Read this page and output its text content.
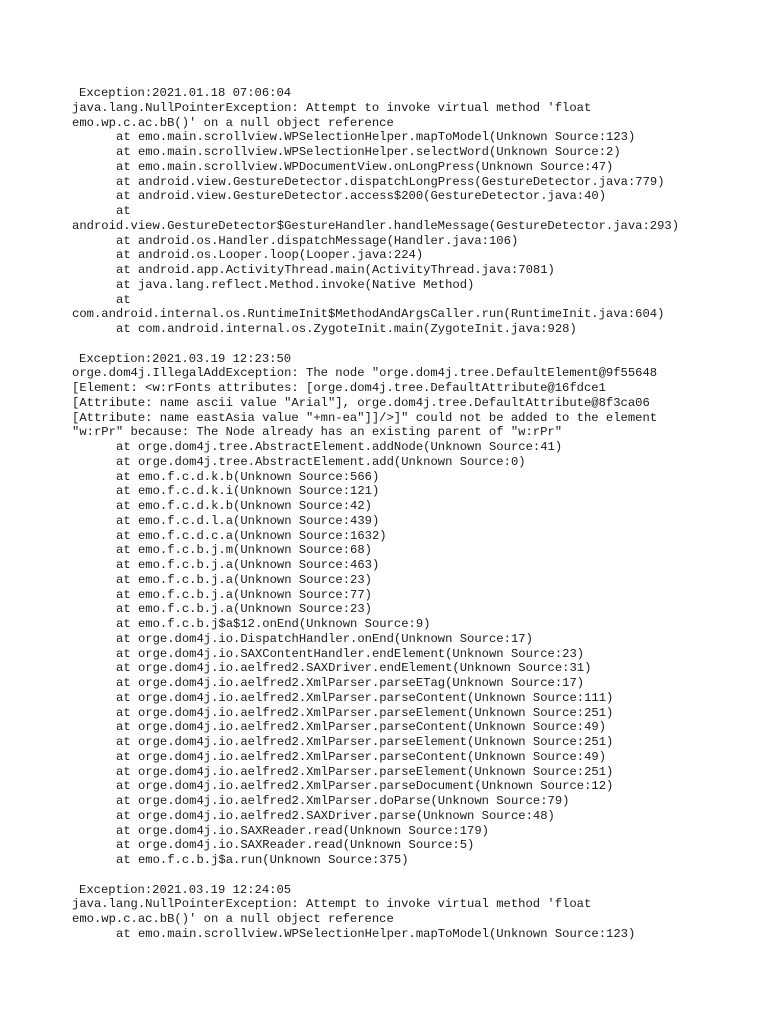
Exception:2021.01.18 07:06:04
java.lang.NullPointerException: Attempt to invoke virtual method 'float
emo.wp.c.ac.bB()' on a null object reference
at emo.main.scrollview.WPSelectionHelper.mapToModel(Unknown Source:123)
at emo.main.scrollview.WPSelectionHelper.selectWord(Unknown Source:2)
at emo.main.scrollview.WPDocumentView.onLongPress(Unknown Source:47)
at android.view.GestureDetector.dispatchLongPress(GestureDetector.java:779)
at android.view.GestureDetector.access$200(GestureDetector.java:40)
at
android.view.GestureDetector$GestureHandler.handleMessage(GestureDetector.java:293)
at android.os.Handler.dispatchMessage(Handler.java:106)
at android.os.Looper.loop(Looper.java:224)
at android.app.ActivityThread.main(ActivityThread.java:7081)
at java.lang.reflect.Method.invoke(Native Method)
at
com.android.internal.os.RuntimeInit$MethodAndArgsCaller.run(RuntimeInit.java:604)
at com.android.internal.os.ZygoteInit.main(ZygoteInit.java:928)
Exception:2021.03.19 12:23:50
orge.dom4j.IllegalAddException: The node "orge.dom4j.tree.DefaultElement@9f55648
[Element: <w:rFonts attributes: [orge.dom4j.tree.DefaultAttribute@16fdce1
[Attribute: name ascii value "Arial"], orge.dom4j.tree.DefaultAttribute@8f3ca06
[Attribute: name eastAsia value "+mn-ea"]]/>]" could not be added to the element
"w:rPr" because: The Node already has an existing parent of "w:rPr"
at orge.dom4j.tree.AbstractElement.addNode(Unknown Source:41)
at orge.dom4j.tree.AbstractElement.add(Unknown Source:0)
at emo.f.c.d.k.b(Unknown Source:566)
at emo.f.c.d.k.i(Unknown Source:121)
at emo.f.c.d.k.b(Unknown Source:42)
at emo.f.c.d.l.a(Unknown Source:439)
at emo.f.c.d.c.a(Unknown Source:1632)
at emo.f.c.b.j.m(Unknown Source:68)
at emo.f.c.b.j.a(Unknown Source:463)
at emo.f.c.b.j.a(Unknown Source:23)
at emo.f.c.b.j.a(Unknown Source:77)
at emo.f.c.b.j.a(Unknown Source:23)
at emo.f.c.b.j$a$12.onEnd(Unknown Source:9)
at orge.dom4j.io.DispatchHandler.onEnd(Unknown Source:17)
at orge.dom4j.io.SAXContentHandler.endElement(Unknown Source:23)
at orge.dom4j.io.aelfred2.SAXDriver.endElement(Unknown Source:31)
at orge.dom4j.io.aelfred2.XmlParser.parseETag(Unknown Source:17)
at orge.dom4j.io.aelfred2.XmlParser.parseContent(Unknown Source:111)
at orge.dom4j.io.aelfred2.XmlParser.parseElement(Unknown Source:251)
at orge.dom4j.io.aelfred2.XmlParser.parseContent(Unknown Source:49)
at orge.dom4j.io.aelfred2.XmlParser.parseElement(Unknown Source:251)
at orge.dom4j.io.aelfred2.XmlParser.parseContent(Unknown Source:49)
at orge.dom4j.io.aelfred2.XmlParser.parseElement(Unknown Source:251)
at orge.dom4j.io.aelfred2.XmlParser.parseDocument(Unknown Source:12)
at orge.dom4j.io.aelfred2.XmlParser.doParse(Unknown Source:79)
at orge.dom4j.io.aelfred2.SAXDriver.parse(Unknown Source:48)
at orge.dom4j.io.SAXReader.read(Unknown Source:179)
at orge.dom4j.io.SAXReader.read(Unknown Source:5)
at emo.f.c.b.j$a.run(Unknown Source:375)
Exception:2021.03.19 12:24:05
java.lang.NullPointerException: Attempt to invoke virtual method 'float
emo.wp.c.ac.bB()' on a null object reference
at emo.main.scrollview.WPSelectionHelper.mapToModel(Unknown Source:123)
